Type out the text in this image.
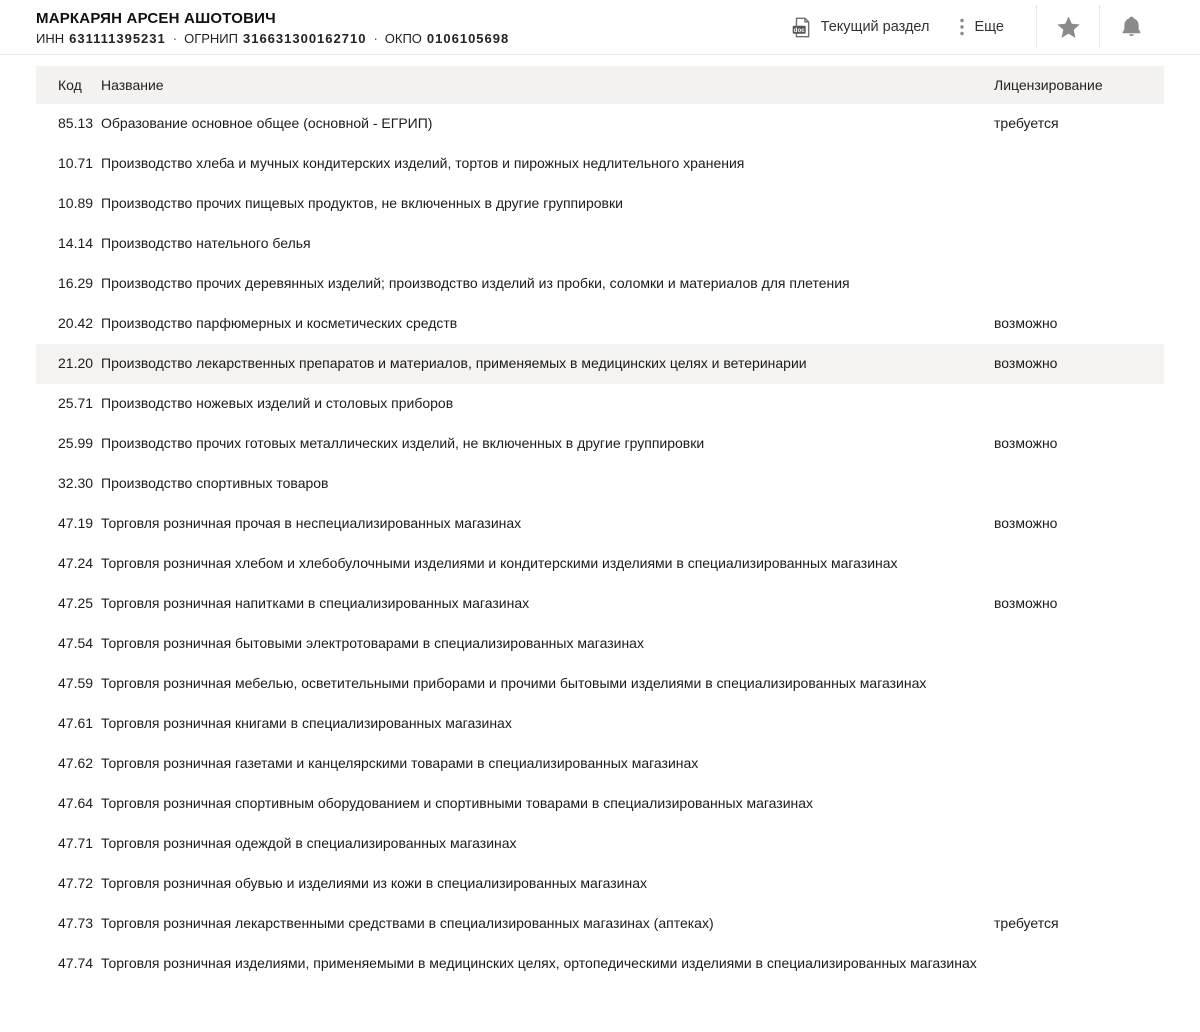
МАРКАРЯН АРСЕН АШОТОВИЧ
ИНН 631111395231 · ОГРНИП 316631300162710 · ОКПО 0106105698
doc Текущий раздел	Еще
Код	Название	Лицензирование
85.13 Образование основное общее (основной - ЕГРИП)	требуется
10.71 Производство хлеба и мучных кондитерских изделий, тортов и пирожных недлительного хранения
10.89 Производство прочих пищевых продуктов, не включенных в другие группировки
14.14 Производство нательного белья
16.29 Производство прочих деревянных изделий; производство изделий из пробки, соломки и материалов для плетения
20.42 Производство парфюмерных и косметических средств	возможно
21.20 Производство лекарственных препаратов и материалов, применяемых в медицинских целях и ветеринарии	возможно
25.71 Производство ножевых изделий и столовых приборов
25.99 Производство прочих готовых металлических изделий, не включенных в другие группировки	возможно
32.30 Производство спортивных товаров
47.19 Торговля розничная прочая в неспециализированных магазинах	возможно
47.24 Торговля розничная хлебом и хлебобулочными изделиями и кондитерскими изделиями в специализированных магазинах
47.25 Торговля розничная напитками в специализированных магазинах	возможно
47.54 Торговля розничная бытовыми электротоварами в специализированных магазинах
47.59 Торговля розничная мебелью, осветительными приборами и прочими бытовыми изделиями в специализированных магазинах
47.61 Торговля розничная книгами в специализированных магазинах
47.62 Торговля розничная газетами и канцелярскими товарами в специализированных магазинах
47.64 Торговля розничная спортивным оборудованием и спортивными товарами в специализированных магазинах
47.71 Торговля розничная одеждой в специализированных магазинах
47.72 Торговля розничная обувью и изделиями из кожи в специализированных магазинах
47.73 Торговля розничная лекарственными средствами в специализированных магазинах (аптеках)	требуется
47.74 Торговля розничная изделиями, применяемыми в медицинских целях, ортопедическими изделиями в специализированных магазинах
